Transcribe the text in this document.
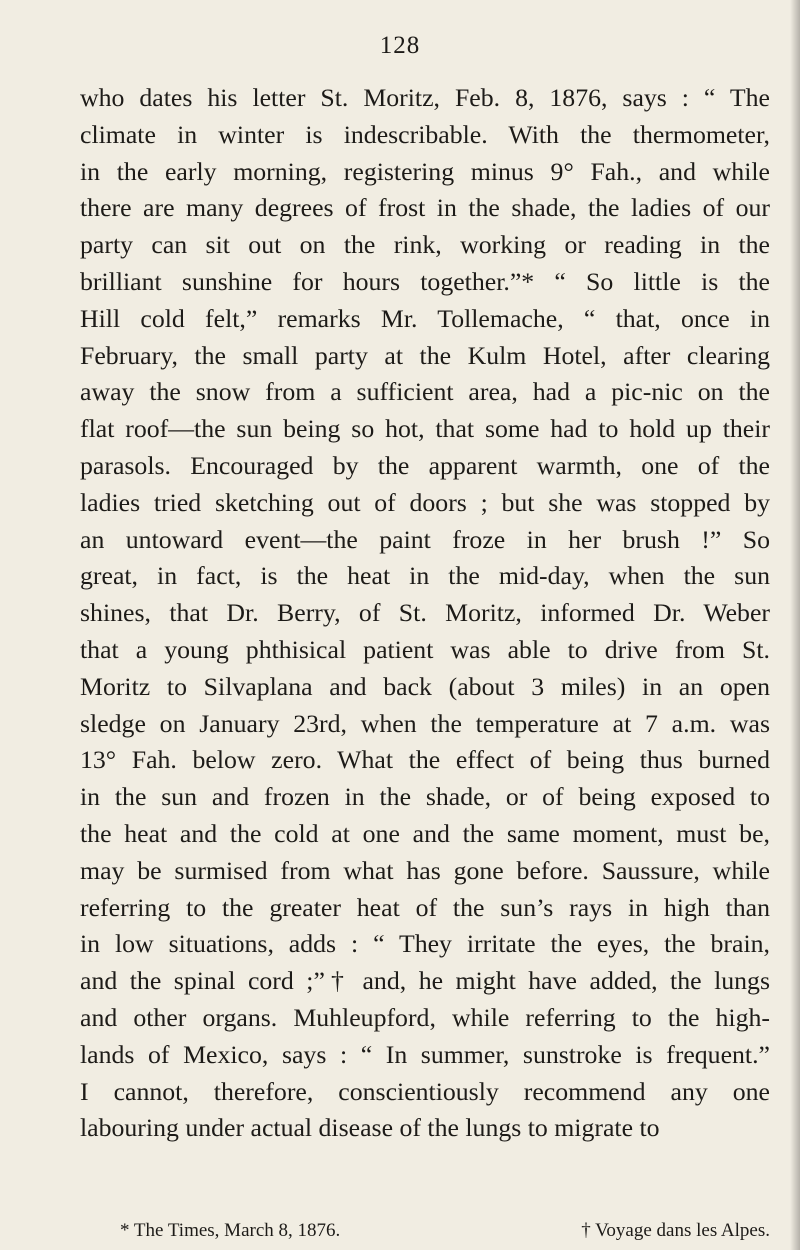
128
who dates his letter St. Moritz, Feb. 8, 1876, says : “ The
climate in winter is indescribable. With the thermometer,
in the early morning, registering minus 9° Fah., and while
there are many degrees of frost in the shade, the ladies of our
party can sit out on the rink, working or reading in the
brilliant sunshine for hours together.”* “ So little is the
Hill cold felt,” remarks Mr. Tollemache, “ that, once in
February, the small party at the Kulm Hotel, after clearing
away the snow from a sufficient area, had a pic-nic on the
flat roof—the sun being so hot, that some had to hold up their
parasols. Encouraged by the apparent warmth, one of the
ladies tried sketching out of doors ; but she was stopped by
an untoward event—the paint froze in her brush !” So
great, in fact, is the heat in the mid-day, when the sun
shines, that Dr. Berry, of St. Moritz, informed Dr. Weber
that a young phthisical patient was able to drive from St.
Moritz to Silvaplana and back (about 3 miles) in an open
sledge on January 23rd, when the temperature at 7 a.m. was
13° Fah. below zero. What the effect of being thus burned
in the sun and frozen in the shade, or of being exposed to
the heat and the cold at one and the same moment, must be,
may be surmised from what has gone before. Saussure, while
referring to the greater heat of the sun’s rays in high than
in low situations, adds : “ They irritate the eyes, the brain,
and the spinal cord ;”† and, he might have added, the lungs
and other organs. Muhleupford, while referring to the high-
lands of Mexico, says : “ In summer, sunstroke is frequent.”
I cannot, therefore, conscientiously recommend any one
labouring under actual disease of the lungs to migrate to
* The Times, March 8, 1876.	† Voyage dans les Alpes.
